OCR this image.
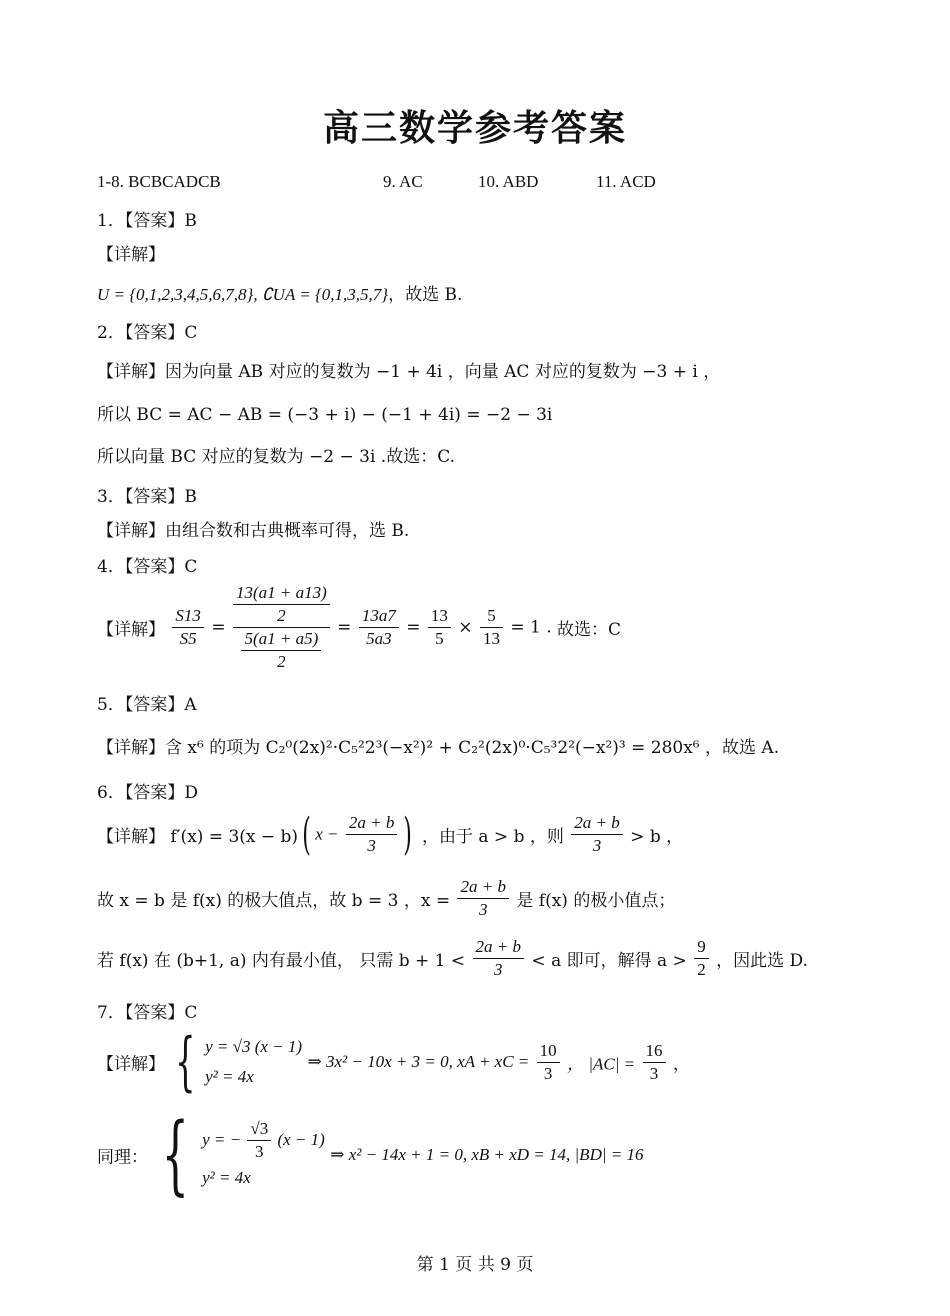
高三数学参考答案
1-8. BCBCADCB	9. AC	10. ABD	11. ACD
1．【答案】B
【详解】
U = {0,1,2,3,4,5,6,7,8}, ∁UA = {0,1,3,5,7}，故选 B.
2．【答案】C
【详解】因为向量 AB 对应的复数为 −1 + 4i ，向量 AC 对应的复数为 −3 + i ，
所以 BC = AC − AB = (−3 + i) − (−1 + 4i) = −2 − 3i
所以向量 BC 对应的复数为 −2 − 3i .故选：C.
3．【答案】B
【详解】由组合数和古典概率可得，选 B.
4．【答案】C
【详解】 $\frac{S13}{S5} = \frac{\frac{13(a1 + a13)}{2}}{\frac{5(a1 + a5)}{2}} = \frac{13a7}{5a3} = \frac{13}{5} \times \frac{5}{13} = 1$ . 故选：C
5．【答案】A
【详解】含 x⁶ 的项为 C₂⁰(2x)²·C₅²2³(−x²)² + C₂²(2x)⁰·C₅³2²(−x²)³ = 280x⁶ ，故选 A.
6．【答案】D
【详解】 f′(x) = 3(x − b)( $x - \frac{2a + b}{3}$ ) ，由于 a > b ，则 $\frac{2a + b}{3} > b$ ，
故 x = b 是 f(x) 的极大值点，故 b = 3 ，$x = \frac{2a + b}{3}$ 是 f(x) 的极小值点；
若 f(x) 在 (b+1, a) 内有最小值， 只需 $b + 1 < \frac{2a + b}{3} < a$ 即可，解得 $a > \frac{9}{2}$ ，因此选 D.
7．【答案】C
【详解】 { y = √3 (x − 1)
y² = 4x
⇒ 3x² − 10x + 3 = 0, xA + xC = $\frac{10}{3}$ ， $|AC| = \frac{16}{3}$ ，
同理： { y = − $\frac{√3}{3} (x - 1)$
y² = 4x
⇒ x² − 14x + 1 = 0, xB + xD = 14, |BD| = 16
第 1 页 共 9 页
